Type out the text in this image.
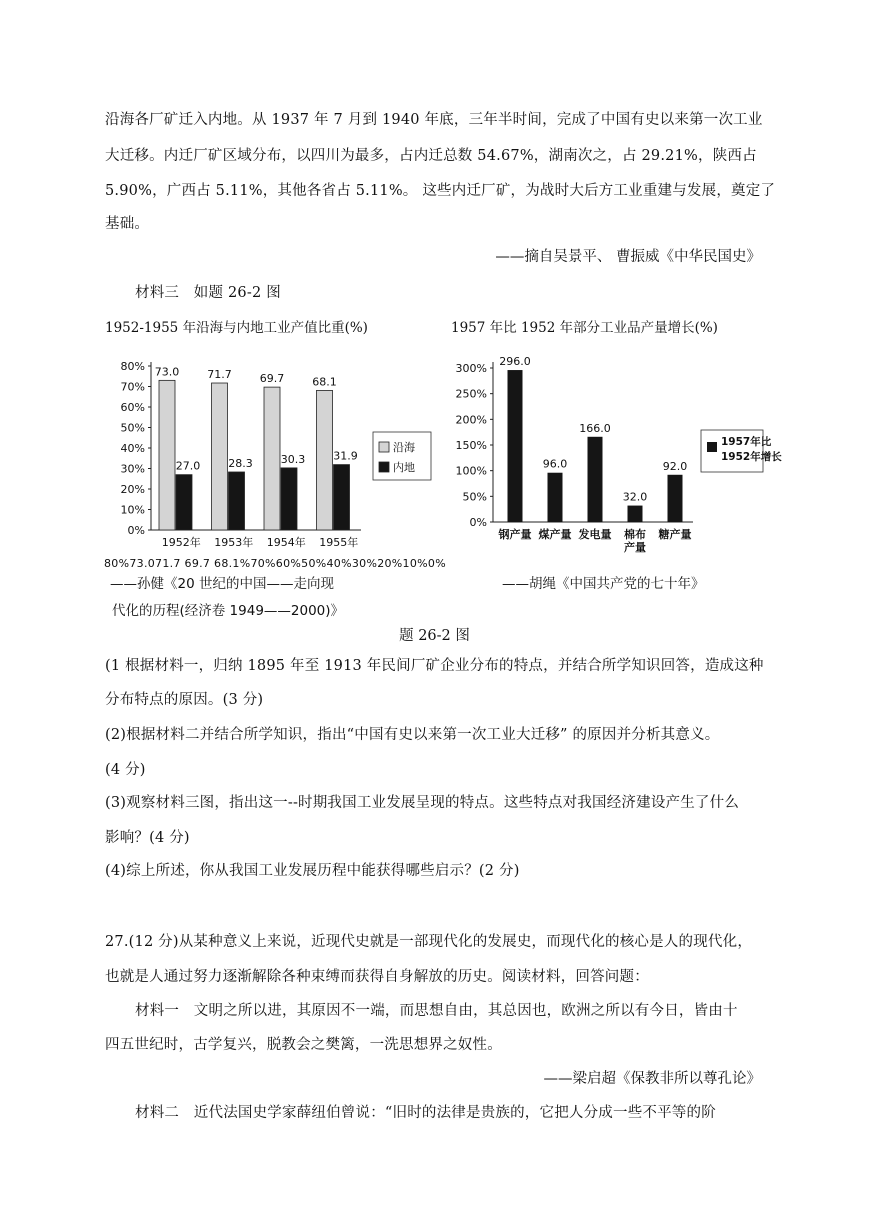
沿海各厂矿迁入内地。从 1937 年 7 月到 1940 年底，三年半时间，完成了中国有史以来第一次工业
大迁移。内迁厂矿区域分布，以四川为最多，占内迁总数 54.67%，湖南次之，占 29.21%，陕西占
5.90%，广西占 5.11%，其他各省占 5.11%。 这些内迁厂矿，为战时大后方工业重建与发展，奠定了
基础。
——摘自吴景平、 曹振威《中华民国史》
材料三　如题 26-2 图
1952-1955 年沿海与内地工业产值比重(%)	1957 年比 1952 年部分工业品产量增长(%)
0%
10%
20%
30%
40%
50%
60%
70%
80% 73.0
27.0
1952年
71.7
28.3
1953年
69.7
30.3
1954年
68.1
31.9
1955年
沿海
内地
0%
50%
100%
150%
200%
250%
300%
296.0
钢产量
96.0
煤产量
166.0
发电量
32.0
棉布
产量
92.0
糖产量
1957年比
1952年增长
80%73.071.7 69.7 68.1%70%60%50%40%30%20%10%0%
——孙健《20 世纪的中国——走向现
代化的历程(经济卷 1949——2000)》
——胡绳《中国共产党的七十年》
题 26-2 图
(1 根据材料一，归纳 1895 年至 1913 年民间厂矿企业分布的特点，并结合所学知识回答，造成这种
分布特点的原因。(3 分)
(2)根据材料二并结合所学知识，指出“中国有史以来第一次工业大迁移” 的原因并分析其意义。
(4 分)
(3)观察材料三图，指出这一--时期我国工业发展呈现的特点。这些特点对我国经济建设产生了什么
影响？(4 分)
(4)综上所述，你从我国工业发展历程中能获得哪些启示？(2 分)
27.(12 分)从某种意义上来说，近现代史就是一部现代化的发展史，而现代化的核心是人的现代化，
也就是人通过努力逐渐解除各种束缚而获得自身解放的历史。阅读材料，回答问题：
材料一　文明之所以进，其原因不一端，而思想自由，其总因也，欧洲之所以有今日，皆由十
四五世纪时，古学复兴，脱教会之樊篱，一洗思想界之奴性。
——梁启超《保教非所以尊孔论》
材料二　近代法国史学家薛纽伯曾说：“旧时的法律是贵族的，它把人分成一些不平等的阶
